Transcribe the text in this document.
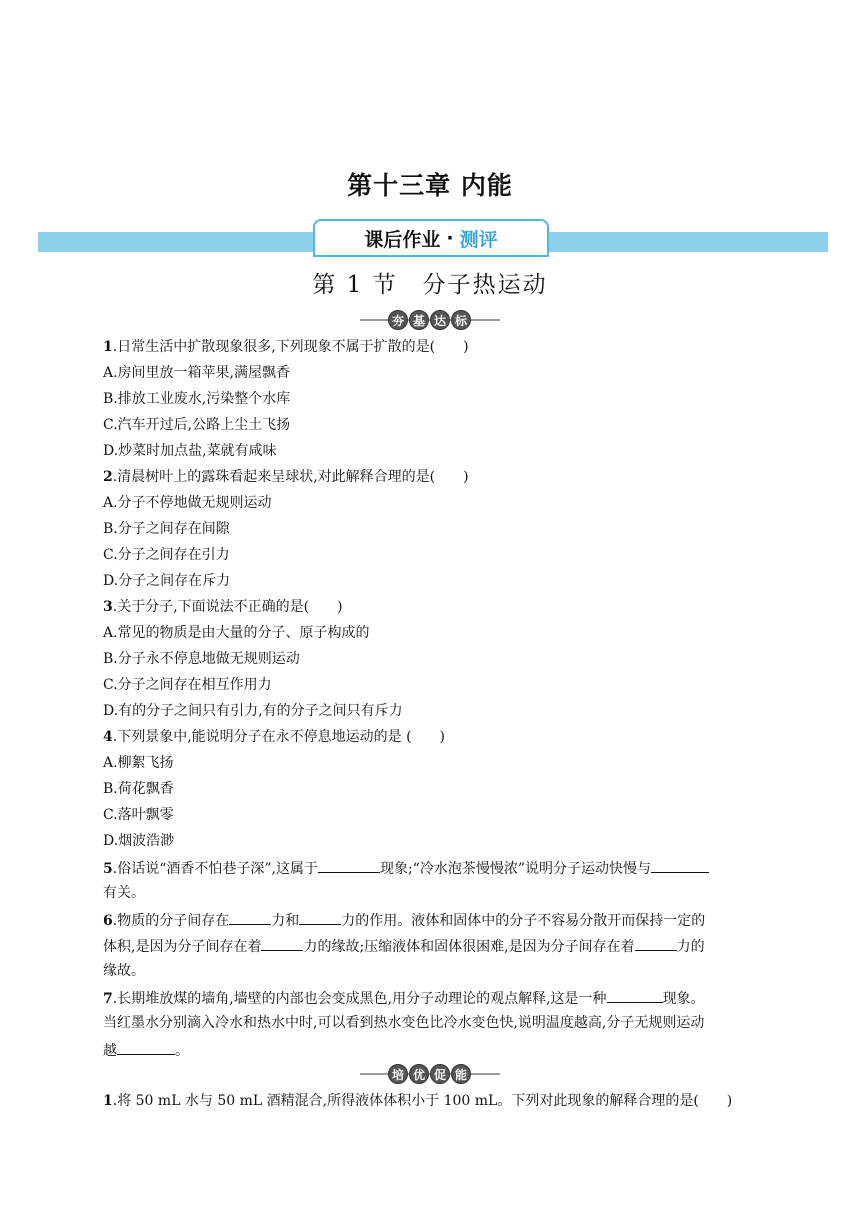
第十三章 内能
课后作业 · 测评
第 1 节　分子热运动
夯 基 达 标
1.日常生活中扩散现象很多,下列现象不属于扩散的是(　　)
A.房间里放一箱苹果,满屋飘香
B.排放工业废水,污染整个水库
C.汽车开过后,公路上尘土飞扬
D.炒菜时加点盐,菜就有咸味
2.清晨树叶上的露珠看起来呈球状,对此解释合理的是(　　)
A.分子不停地做无规则运动
B.分子之间存在间隙
C.分子之间存在引力
D.分子之间存在斥力
3.关于分子,下面说法不正确的是(　　)
A.常见的物质是由大量的分子、原子构成的
B.分子永不停息地做无规则运动
C.分子之间存在相互作用力
D.有的分子之间只有引力,有的分子之间只有斥力
4.下列景象中,能说明分子在永不停息地运动的是 (　　)
A.柳絮飞扬
B.荷花飘香
C.落叶飘零
D.烟波浩渺
5.俗话说“酒香不怕巷子深”,这属于	现象;“冷水泡茶慢慢浓”说明分子运动快慢与
有关。
6.物质的分子间存在	力和	力的作用。液体和固体中的分子不容易分散开而保持一定的
体积,是因为分子间存在着	力的缘故;压缩液体和固体很困难,是因为分子间存在着	力的
缘故。
7.长期堆放煤的墙角,墙壁的内部也会变成黑色,用分子动理论的观点解释,这是一种	现象。
当红墨水分别滴入冷水和热水中时,可以看到热水变色比冷水变色快,说明温度越高,分子无规则运动
越	。
培 优 促 能
1.将 50 mL 水与 50 mL 酒精混合,所得液体体积小于 100 mL。下列对此现象的解释合理的是(　　)
